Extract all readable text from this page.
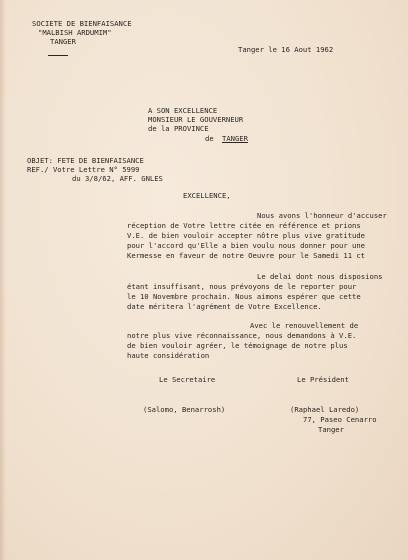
SOCIETE DE BIENFAISANCE
"MALBISH ARDUMIM"
TANGER
Tanger le 16 Aout 1962
A SON EXCELLENCE
MONSIEUR LE GOUVERNEUR
de la PROVINCE
de TANGER
OBJET: FETE DE BIENFAISANCE
REF./ Votre Lettre N° 5999
du 3/8/62, AFF. GNLES
EXCELLENCE,
Nous avons l'honneur d'accuser
réception de Votre lettre citée en référence et prions
V.E. de bien vouloir accepter nôtre plus vive gratitude
pour l'accord qu'Elle a bien voulu nous donner pour une
Kermesse en faveur de notre Oeuvre pour le Samedi 11 ct
Le delai dont nous disposions
étant insuffisant, nous prévoyons de le reporter pour
le 10 Novembre prochain. Nous aimons espérer que cette
date méritera l'agrément de Votre Excellence.
Avec le renouvellement de
notre plus vive réconnaissance, nous demandons à V.E.
de bien vouloir agréer, le témoignage de notre plus
haute considération
Le Secretaire	Le Président
(Salomo, Benarrosh)	(Raphael Laredo)
77, Paseo Cenarro
Tanger
